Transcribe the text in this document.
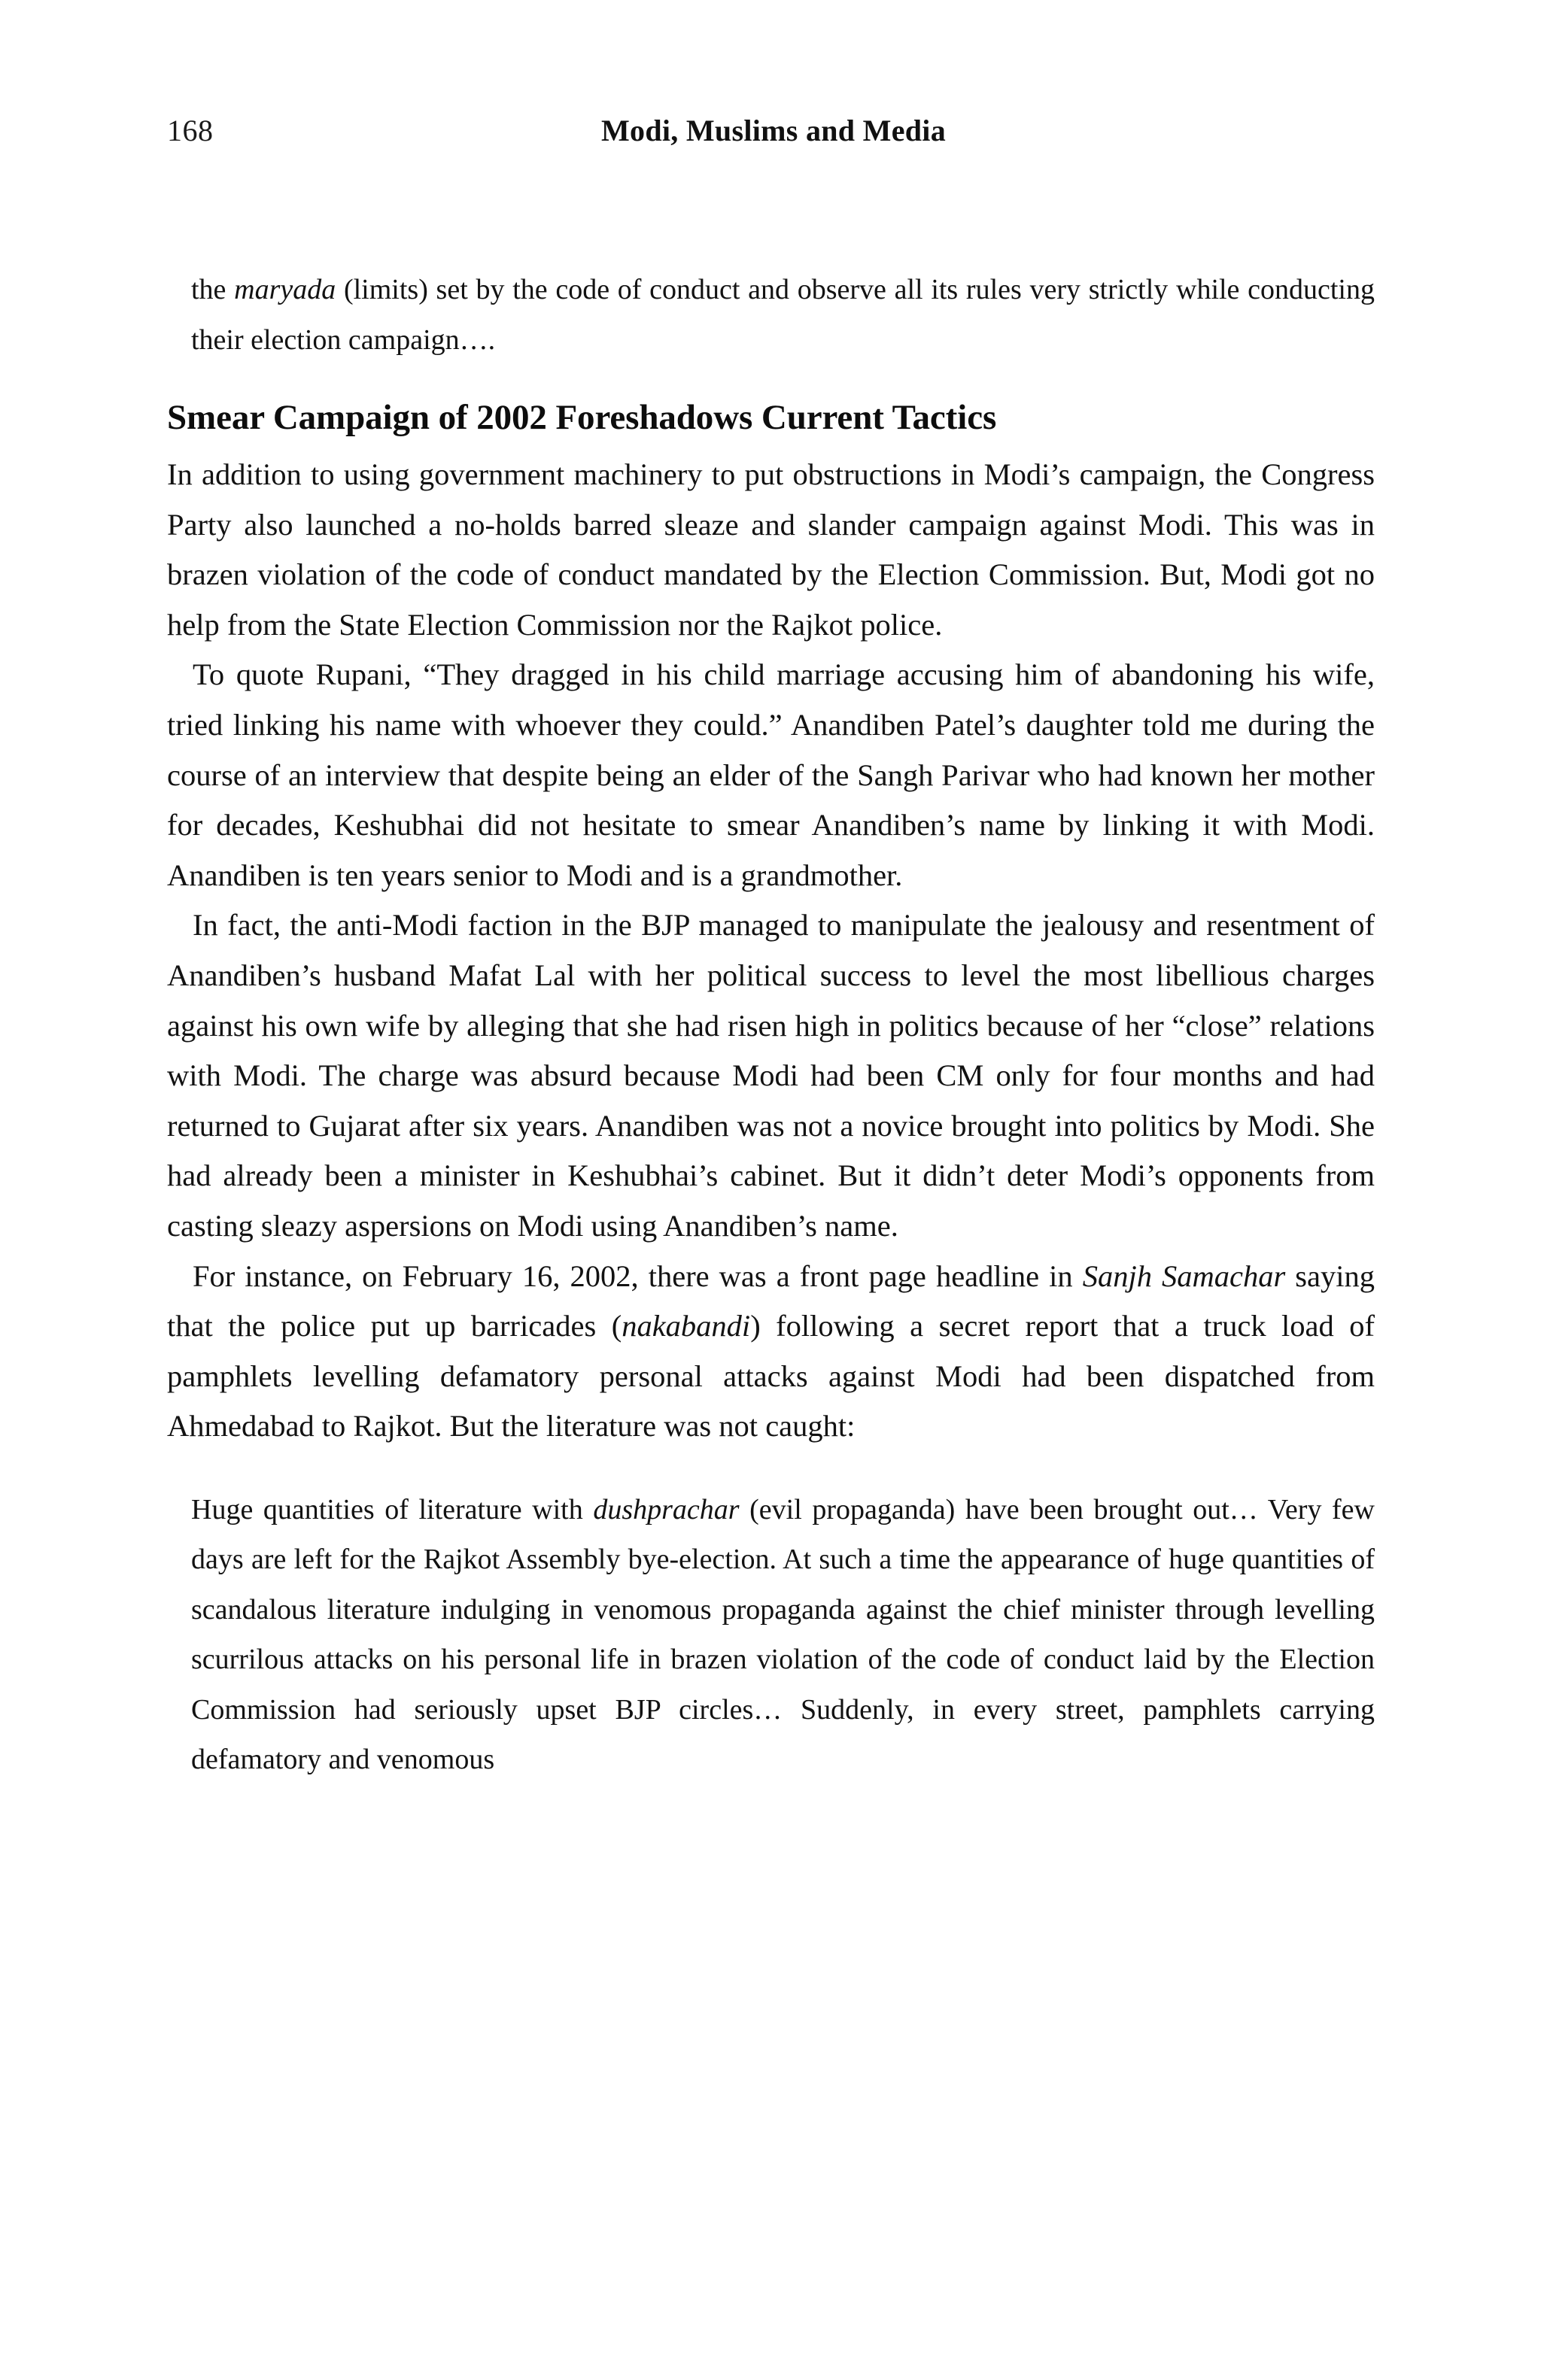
168	Modi, Muslims and Media

the maryada (limits) set by the code of conduct and observe all its rules very strictly while conducting their election campaign….

Smear Campaign of 2002 Foreshadows Current Tactics

In addition to using government machinery to put obstructions in Modi’s campaign, the Congress Party also launched a no-holds barred sleaze and slander campaign against Modi. This was in brazen violation of the code of conduct mandated by the Election Commission. But, Modi got no help from the State Election Commission nor the Rajkot police.

To quote Rupani, “They dragged in his child marriage accusing him of abandoning his wife, tried linking his name with whoever they could.” Anandiben Patel’s daughter told me during the course of an interview that despite being an elder of the Sangh Parivar who had known her mother for decades, Keshubhai did not hesitate to smear Anandiben’s name by linking it with Modi. Anandiben is ten years senior to Modi and is a grandmother.

In fact, the anti-Modi faction in the BJP managed to manipulate the jealousy and resentment of Anandiben’s husband Mafat Lal with her political success to level the most libellious charges against his own wife by alleging that she had risen high in politics because of her “close” relations with Modi. The charge was absurd because Modi had been CM only for four months and had returned to Gujarat after six years. Anandiben was not a novice brought into politics by Modi. She had already been a minister in Keshubhai’s cabinet. But it didn’t deter Modi’s opponents from casting sleazy aspersions on Modi using Anandiben’s name.

For instance, on February 16, 2002, there was a front page headline in Sanjh Samachar saying that the police put up barricades (nakabandi) following a secret report that a truck load of pamphlets levelling defamatory personal attacks against Modi had been dispatched from Ahmedabad to Rajkot. But the literature was not caught:

Huge quantities of literature with dushprachar (evil propaganda) have been brought out… Very few days are left for the Rajkot Assembly bye-election. At such a time the appearance of huge quantities of scandalous literature indulging in venomous propaganda against the chief minister through levelling scurrilous attacks on his personal life in brazen violation of the code of conduct laid by the Election Commission had seriously upset BJP circles… Suddenly, in every street, pamphlets carrying defamatory and venomous
